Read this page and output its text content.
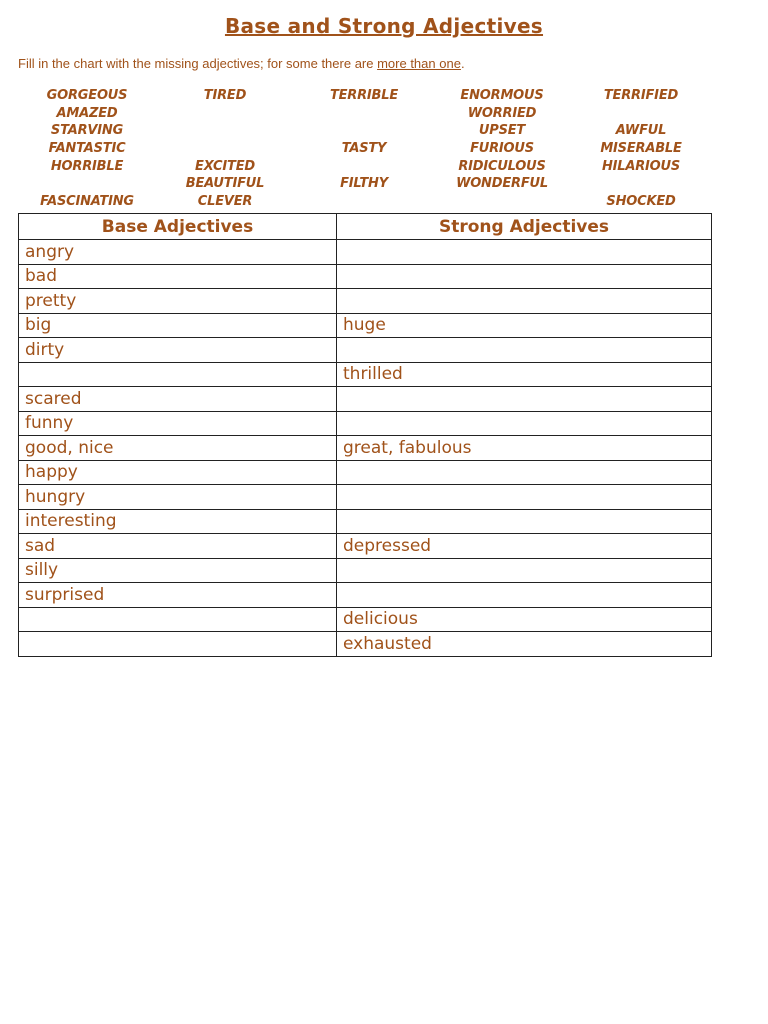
Base and Strong Adjectives
Fill in the chart with the missing adjectives; for some there are more than one.
GORGEOUS
AMAZED
STARVING
FANTASTIC
HORRIBLE
FASCINATING
TIRED
EXCITED
BEAUTIFUL
CLEVER
TERRIBLE
TASTY
FILTHY
ENORMOUS
WORRIED
UPSET
FURIOUS
RIDICULOUS
WONDERFUL
TERRIFIED
AWFUL
MISERABLE
HILARIOUS
SHOCKED
Base Adjectives	Strong Adjectives
angry	
bad	
pretty	
big	huge
dirty	
	thrilled
scared	
funny	
good, nice	great, fabulous
happy	
hungry	
interesting	
sad	depressed
silly	
surprised	
	delicious
	exhausted
